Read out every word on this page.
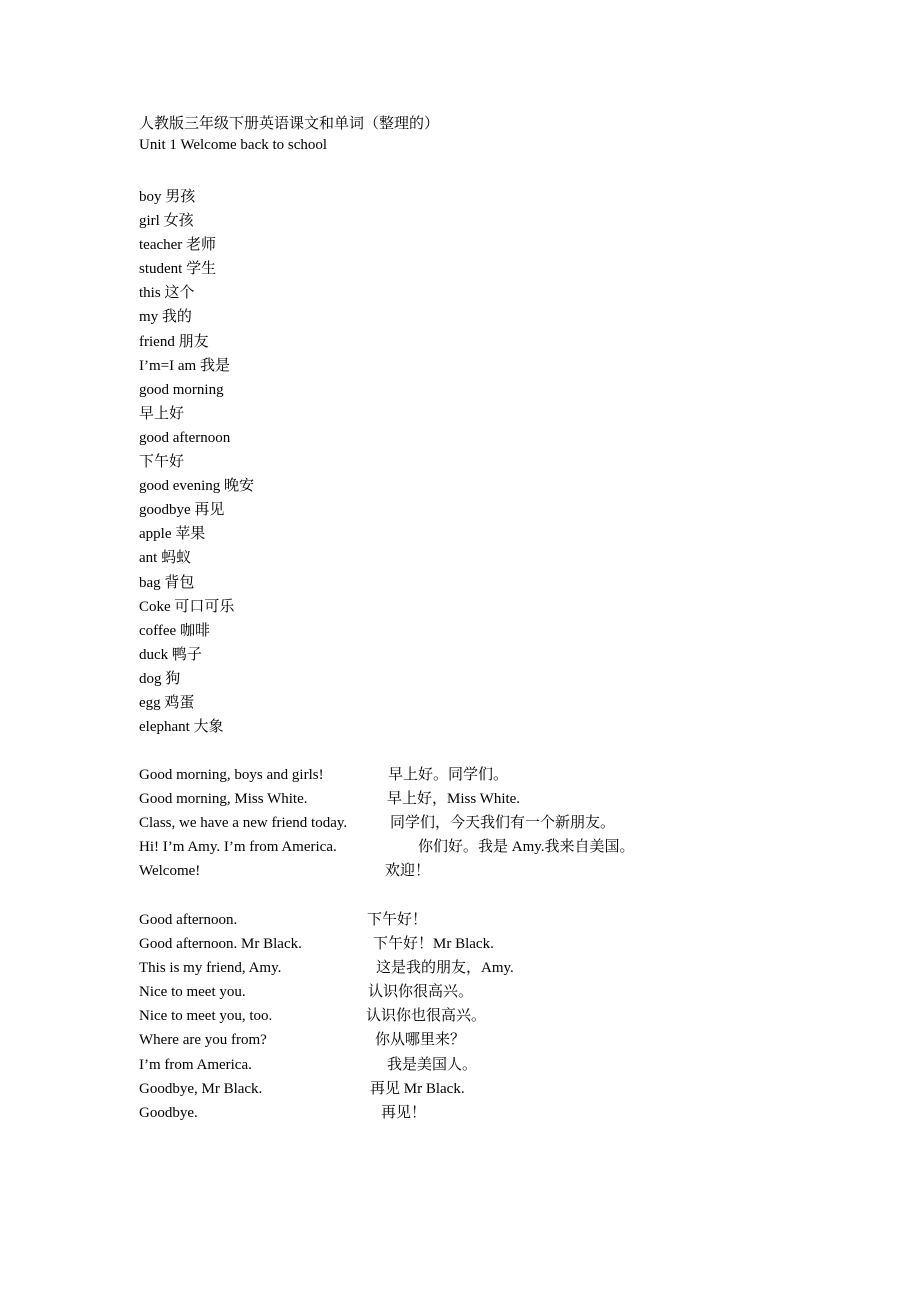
人教版三年级下册英语课文和单词（整理的）
Unit 1 Welcome back to school
boy 男孩
girl 女孩
teacher 老师
student 学生
this 这个
my 我的
friend 朋友
I’m=I am 我是
good morning
早上好
good afternoon
下午好
good evening 晚安
goodbye 再见
apple 苹果
ant 蚂蚁
bag 背包
Coke 可口可乐
coffee 咖啡
duck 鸭子
dog 狗
egg 鸡蛋
elephant 大象
Good morning, boys and girls!	早上好。同学们。
Good morning, Miss White.	早上好，Miss White.
Class, we have a new friend today.	同学们，今天我们有一个新朋友。
Hi! I’m Amy. I’m from America.	你们好。我是 Amy.我来自美国。
Welcome!	欢迎！
Good afternoon.	下午好！
Good afternoon. Mr Black.	下午好！Mr Black.
This is my friend, Amy.	这是我的朋友，Amy.
Nice to meet you.	认识你很高兴。
Nice to meet you, too.	认识你也很高兴。
Where are you from?	你从哪里来？
I’m from America.	我是美国人。
Goodbye, Mr Black.	再见 Mr Black.
Goodbye.	再见！
